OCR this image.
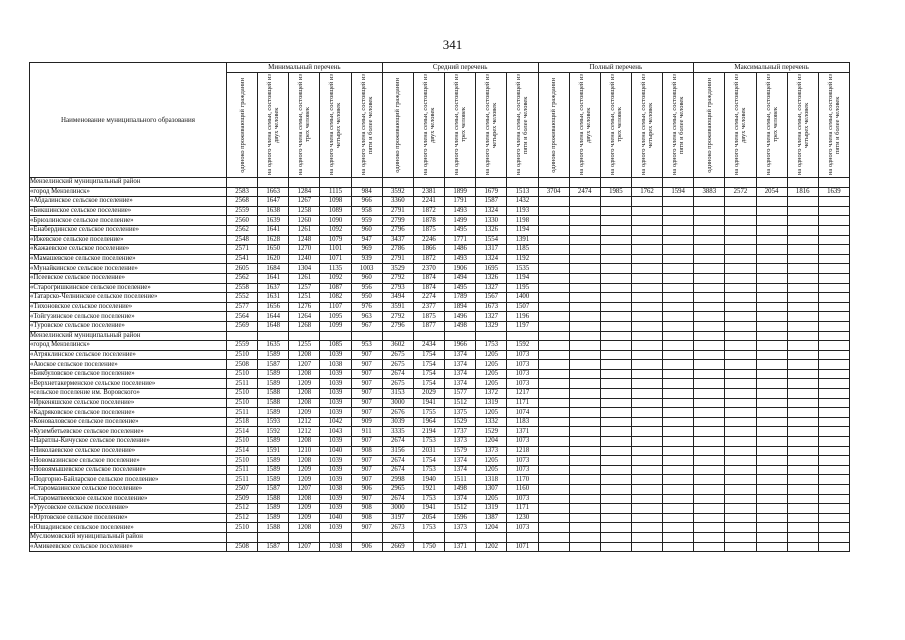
341
Наименование муниципального образования	Минимальный перечень					Средний перечень					Полный перечень					Максимальный перечень				

	одиноко проживающий гражданин	на одного члена семьи, состоящей из двух человек	на одного члена семьи, состоящей из трех человек	на одного члена семьи, состоящей из четырех человек	на одного члена семьи, состоящей из пяти и более человек	одиноко проживающий гражданин	на одного члена семьи, состоящей из двух человек	на одного члена семьи, состоящей из трех человек	на одного члена семьи, состоящей из четырех человек	на одного члена семьи, состоящей из пяти и более человек	одиноко проживающий гражданин	на одного члена семьи, состоящей из двух человек	на одного члена семьи, состоящей из трех человек	на одного члена семьи, состоящей из четырех человек	на одного члена семьи, состоящей из пяти и более человек	одиноко проживающий гражданин	на одного члена семьи, состоящей из двух человек	на одного члена семьи, состоящей из трех человек	на одного члена семьи, состоящей из четырех человек	на одного члена семьи, состоящей из пяти и более человек

Мензелинский муниципальный район																				
«город Мензелинск»	2583	1663	1284	1115	984	3592	2381	1899	1679	1513	3704	2474	1985	1762	1594	3883	2572	2054	1816	1639
«Абдалинское сельское поселение»	2568	1647	1267	1098	966	3360	2241	1791	1587	1432										
«Бикшинское сельское поселение»	2559	1638	1258	1089	958	2791	1872	1493	1324	1193										
«Брюзлинское сельское поселение»	2560	1639	1260	1090	959	2799	1878	1499	1330	1198										
«Енабердинское сельское поселение»	2562	1641	1261	1092	960	2796	1875	1495	1326	1194										
«Ижевское сельское поселение»	2548	1628	1248	1079	947	3437	2246	1771	1554	1391										
«Кажаевское сельское поселение»	2571	1650	1270	1101	969	2786	1866	1486	1317	1185										
«Мамашевское сельское поселение»	2541	1620	1240	1071	939	2791	1872	1493	1324	1192										
«Мунайкинское сельское поселение»	2605	1684	1304	1135	1003	3529	2370	1906	1695	1535										
«Псеевское сельское поселение»	2562	1641	1261	1092	960	2792	1874	1494	1326	1194										
«Старогришкинское сельское поселение»	2558	1637	1257	1087	956	2793	1874	1495	1327	1195										
«Татарско-Челнинское сельское поселение»	2552	1631	1251	1082	950	3494	2274	1789	1567	1400										
«Тихоновское сельское поселение»	2577	1656	1276	1107	976	3591	2377	1894	1673	1507										
«Тойгузинское сельское поселение»	2564	1644	1264	1095	963	2792	1875	1496	1327	1196										
«Туровское сельское поселение»	2569	1648	1268	1099	967	2796	1877	1498	1329	1197										
Мензелинский муниципальный район																				
«город Мензелинск»	2559	1635	1255	1085	953	3602	2434	1966	1753	1592										
«Атряклинское сельское поселение»	2510	1589	1208	1039	907	2675	1754	1374	1205	1073										
«Аюское сельское поселение»	2508	1587	1207	1038	907	2675	1754	1374	1205	1073										
«Бикбуловское сельское поселение»	2510	1589	1208	1039	907	2674	1754	1374	1205	1073										
«Верхнетакерменское сельское поселение»	2511	1589	1209	1039	907	2675	1754	1374	1205	1073										
«сельское поселение им. Воровского»	2510	1588	1208	1039	907	3153	2029	1577	1372	1217										
«Иркеняшское сельское поселение»	2510	1588	1208	1039	907	3000	1941	1512	1319	1171										
«Кадряковское сельское поселение»	2511	1589	1209	1039	907	2676	1755	1375	1205	1074										
«Коноваловское сельское поселение»	2518	1593	1212	1042	909	3039	1964	1529	1332	1183										
«Кузембетьевское сельское поселение»	2514	1592	1212	1043	911	3335	2194	1737	1529	1371										
«Наратлы-Кичуское сельское поселение»	2510	1589	1208	1039	907	2674	1753	1373	1204	1073										
«Николаевское сельское поселение»	2514	1591	1210	1040	908	3156	2031	1579	1373	1218										
«Новомазинское сельское поселение»	2510	1589	1208	1039	907	2674	1754	1374	1205	1073										
«Новоямышевское сельское поселение»	2511	1589	1209	1039	907	2674	1753	1374	1205	1073										
«Подгорно-Байларское сельское поселение»	2511	1589	1209	1039	907	2998	1940	1511	1318	1170										
«Старомазинское сельское поселение»	2507	1587	1207	1038	906	2965	1921	1498	1307	1160										
«Староматвеевское сельское поселение»	2509	1588	1208	1039	907	2674	1753	1374	1205	1073										
«Урусовское сельское поселение»	2512	1589	1209	1039	908	3000	1941	1512	1319	1171										
«Юртовское сельское поселение»	2512	1589	1209	1040	908	3197	2054	1596	1387	1230										
«Юшадинское сельское поселение»	2510	1588	1208	1039	907	2673	1753	1373	1204	1073										
Муслюмовский муниципальный район																				
«Амикеевское сельское поселение»	2508	1587	1207	1038	906	2669	1750	1371	1202	1071										
